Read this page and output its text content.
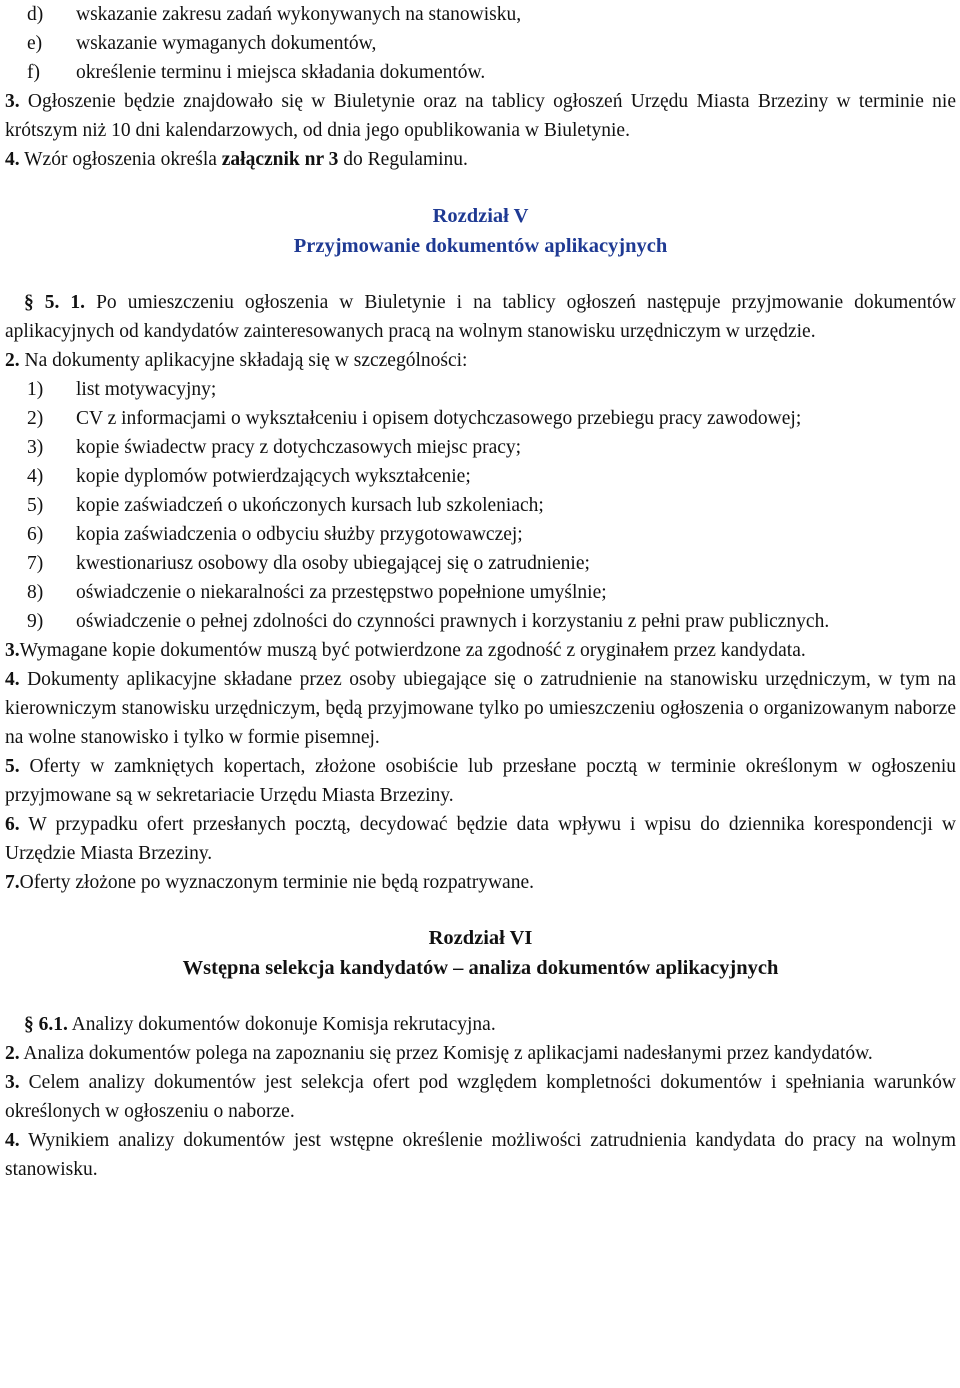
d)	wskazanie zakresu zadań wykonywanych na stanowisku,
e)	wskazanie wymaganych dokumentów,
f)	określenie terminu i miejsca składania dokumentów.

3. Ogłoszenie będzie znajdowało się w Biuletynie oraz na tablicy ogłoszeń Urzędu Miasta Brzeziny w terminie nie krótszym niż 10 dni kalendarzowych, od dnia jego opublikowania w Biuletynie.

4. Wzór ogłoszenia określa załącznik nr 3 do Regulaminu.

Rozdział V
Przyjmowanie dokumentów aplikacyjnych

§ 5. 1. Po umieszczeniu ogłoszenia w Biuletynie i na tablicy ogłoszeń następuje przyjmowanie dokumentów aplikacyjnych od kandydatów zainteresowanych pracą na wolnym stanowisku urzędniczym w urzędzie.

2. Na dokumenty aplikacyjne składają się w szczególności:

1)	list motywacyjny;
2)	CV z informacjami o wykształceniu i opisem dotychczasowego przebiegu pracy zawodowej;
3)	kopie świadectw pracy z dotychczasowych miejsc pracy;
4)	kopie dyplomów potwierdzających wykształcenie;
5)	kopie zaświadczeń o ukończonych kursach lub szkoleniach;
6)	kopia zaświadczenia o odbyciu służby przygotowawczej;
7)	kwestionariusz osobowy dla osoby ubiegającej się o zatrudnienie;
8)	oświadczenie o niekaralności za przestępstwo popełnione umyślnie;
9)	oświadczenie o pełnej zdolności do czynności prawnych i korzystaniu z pełni praw publicznych.

3.Wymagane kopie dokumentów muszą być potwierdzone za zgodność z oryginałem przez kandydata.

4. Dokumenty aplikacyjne składane przez osoby ubiegające się o zatrudnienie na stanowisku urzędniczym, w tym na kierowniczym stanowisku urzędniczym, będą przyjmowane tylko po umieszczeniu ogłoszenia o organizowanym naborze na wolne stanowisko i tylko w formie pisemnej.

5. Oferty w zamkniętych kopertach, złożone osobiście lub przesłane pocztą w terminie określonym w ogłoszeniu przyjmowane są w sekretariacie Urzędu Miasta Brzeziny.

6. W przypadku ofert przesłanych pocztą, decydować będzie data wpływu i wpisu do dziennika korespondencji w Urzędzie Miasta Brzeziny.

7.Oferty złożone po wyznaczonym terminie nie będą rozpatrywane.

Rozdział VI
Wstępna selekcja kandydatów – analiza dokumentów aplikacyjnych

§ 6.1. Analizy dokumentów dokonuje Komisja rekrutacyjna.

2. Analiza dokumentów polega na zapoznaniu się przez Komisję z aplikacjami nadesłanymi przez kandydatów.

3. Celem analizy dokumentów jest selekcja ofert pod względem kompletności dokumentów i spełniania warunków określonych w ogłoszeniu o naborze.

4. Wynikiem analizy dokumentów jest wstępne określenie możliwości zatrudnienia kandydata do pracy na wolnym stanowisku.
